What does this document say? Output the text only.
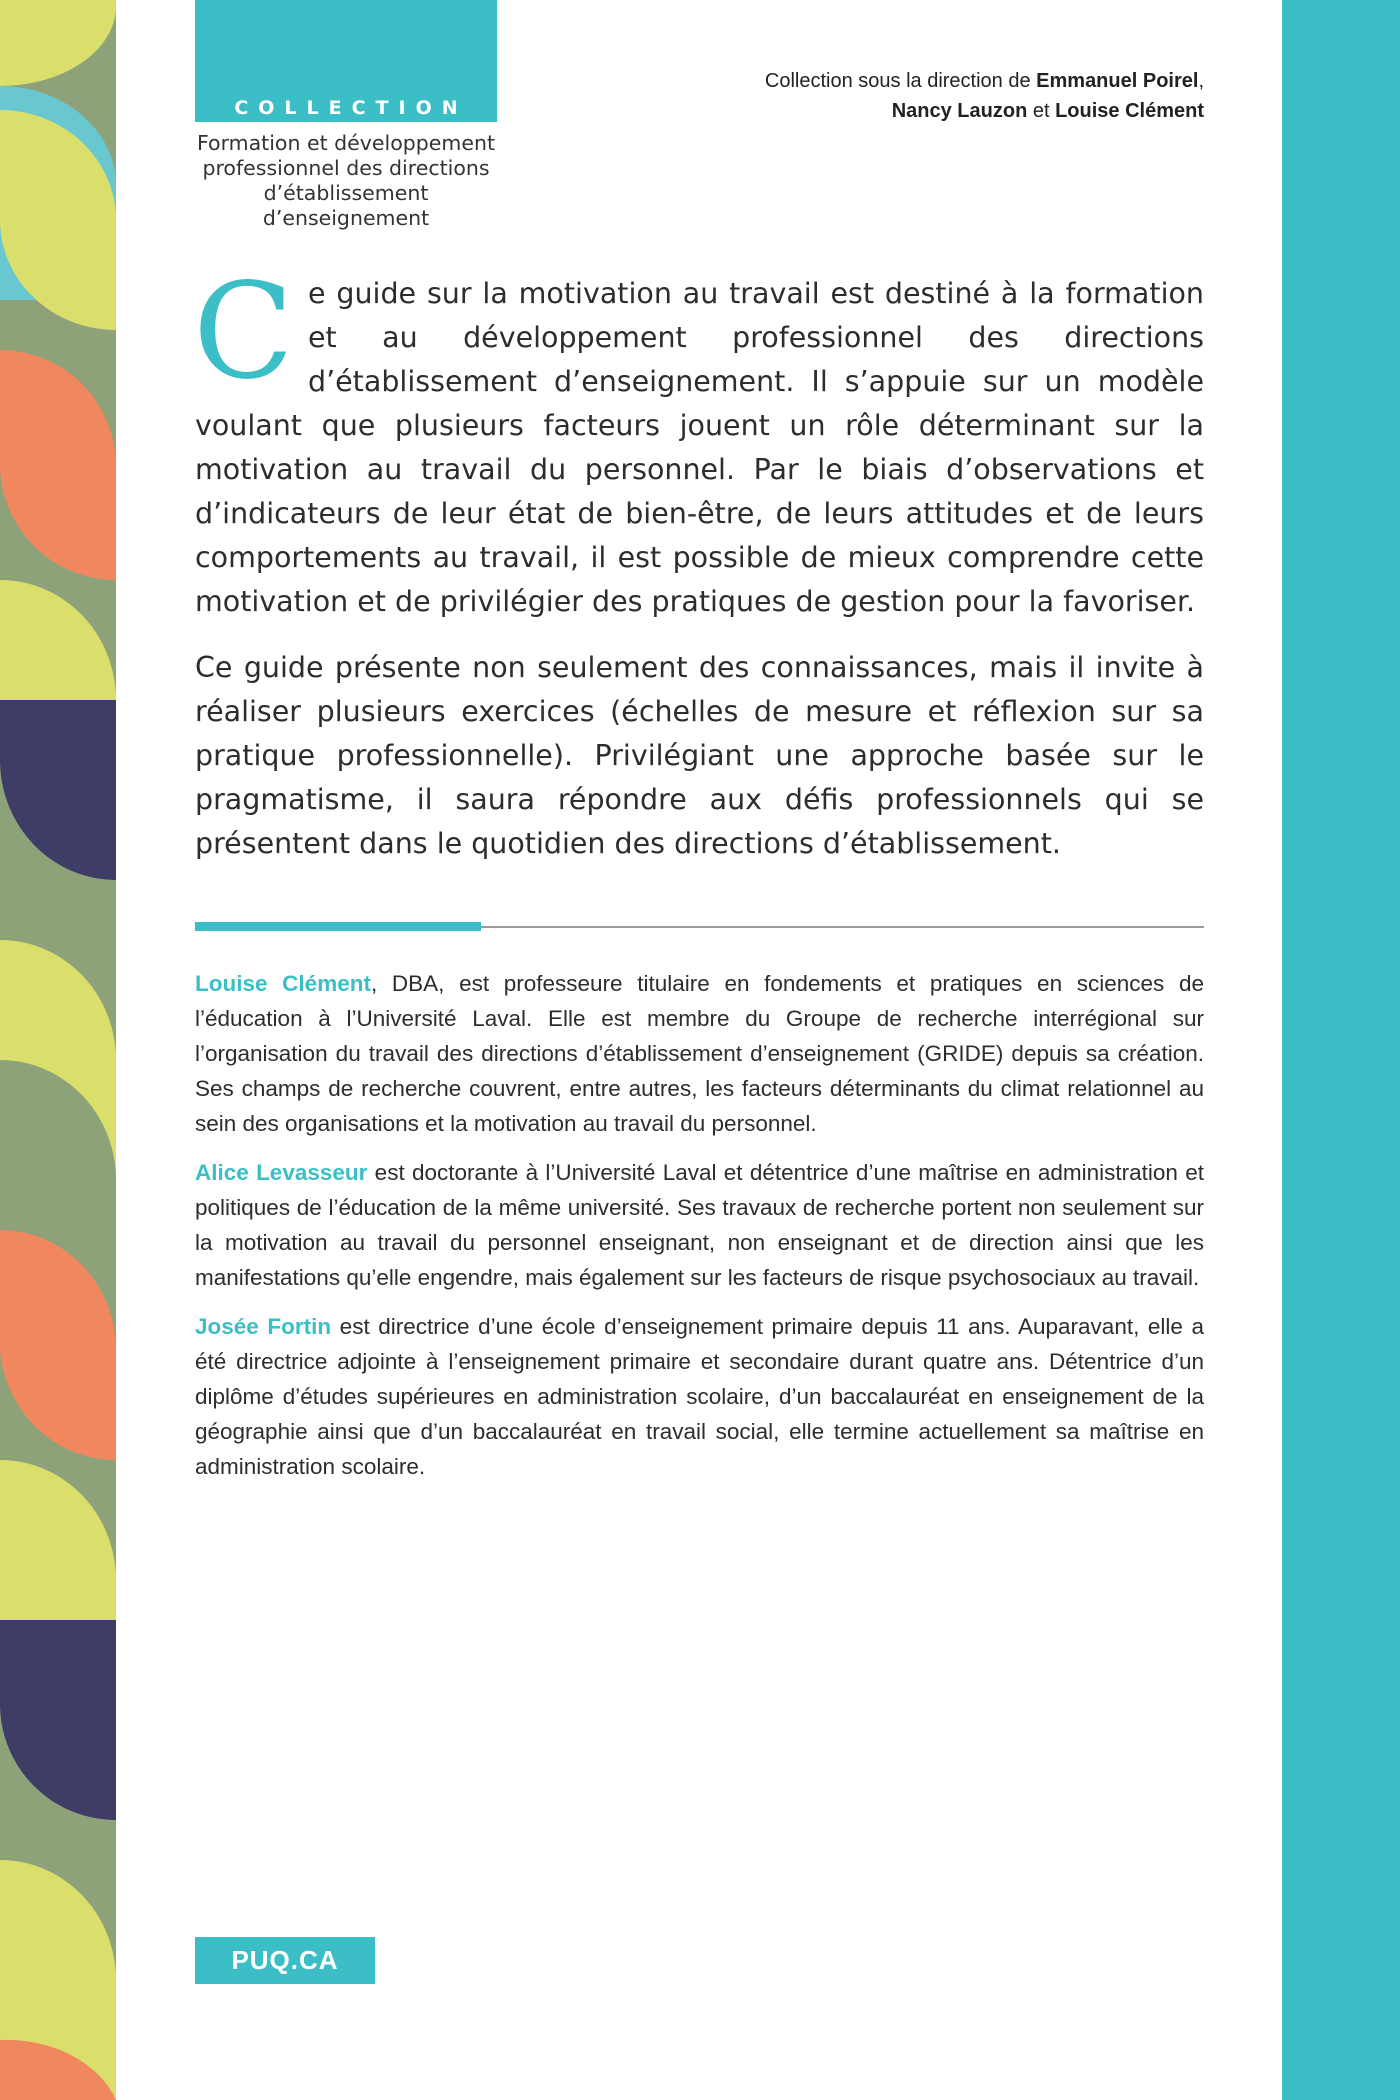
COLLECTION
Formation et développement professionnel des directions d’établissement d’enseignement
Collection sous la direction de Emmanuel Poirel,
Nancy Lauzon et Louise Clément

Ce guide sur la motivation au travail est destiné à la formation et au développement professionnel des directions d’établissement d’enseignement. Il s’appuie sur un modèle voulant que plusieurs facteurs jouent un rôle déterminant sur la motivation au travail du personnel. Par le biais d’observations et d’indicateurs de leur état de bien-être, de leurs attitudes et de leurs comportements au travail, il est possible de mieux comprendre cette motivation et de privilégier des pratiques de gestion pour la favoriser.

Ce guide présente non seulement des connaissances, mais il invite à réaliser plusieurs exercices (échelles de mesure et réflexion sur sa pratique professionnelle). Privilégiant une approche basée sur le pragmatisme, il saura répondre aux défis professionnels qui se présentent dans le quotidien des directions d’établissement.

Louise Clément, DBA, est professeure titulaire en fondements et pratiques en sciences de l’éducation à l’Université Laval. Elle est membre du Groupe de recherche interrégional sur l’organisation du travail des directions d’établissement d’enseignement (GRIDE) depuis sa création. Ses champs de recherche couvrent, entre autres, les facteurs déterminants du climat relationnel au sein des organisations et la motivation au travail du personnel.

Alice Levasseur est doctorante à l’Université Laval et détentrice d’une maîtrise en administration et politiques de l’éducation de la même université. Ses travaux de recherche portent non seulement sur la motivation au travail du personnel enseignant, non enseignant et de direction ainsi que les manifestations qu’elle engendre, mais également sur les facteurs de risque psychosociaux au travail.

Josée Fortin est directrice d’une école d’enseignement primaire depuis 11 ans. Auparavant, elle a été directrice adjointe à l’enseignement primaire et secondaire durant quatre ans. Détentrice d’un diplôme d’études supérieures en administration scolaire, d’un baccalauréat en enseignement de la géographie ainsi que d’un baccalauréat en travail social, elle termine actuellement sa maîtrise en administration scolaire.

PUQ.CA
